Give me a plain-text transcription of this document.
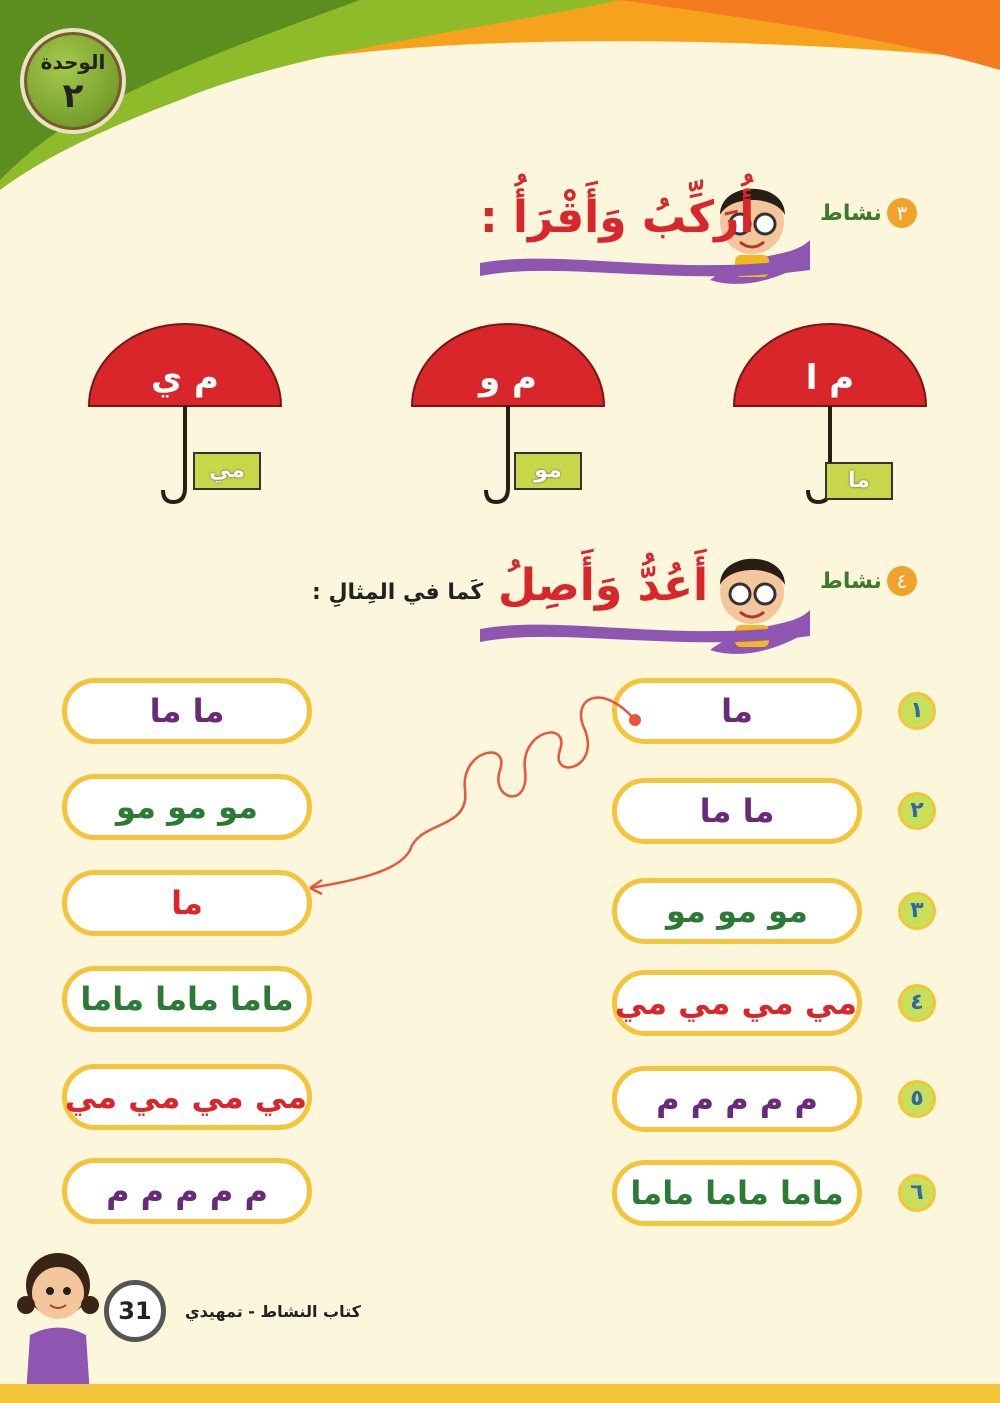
الوحدة
٢
نشاط ٣
أُرَكِّبُ وَأَقْرَأُ :
م ا
ما
م و
مو
م ي
مي
نشاط ٤
أَعُدُّ وَأَصِلُ
كَما في المِثالِ :
ما	١
ما ما	٢
مو مو مو	٣
مي مي مي مي	٤
م م م م م	٥
ماما ماما ماما	٦
ما ما
مو مو مو
ما
ماما ماما ماما
مي مي مي مي
م م م م م
31	كتاب النشاط - تمهيدي
